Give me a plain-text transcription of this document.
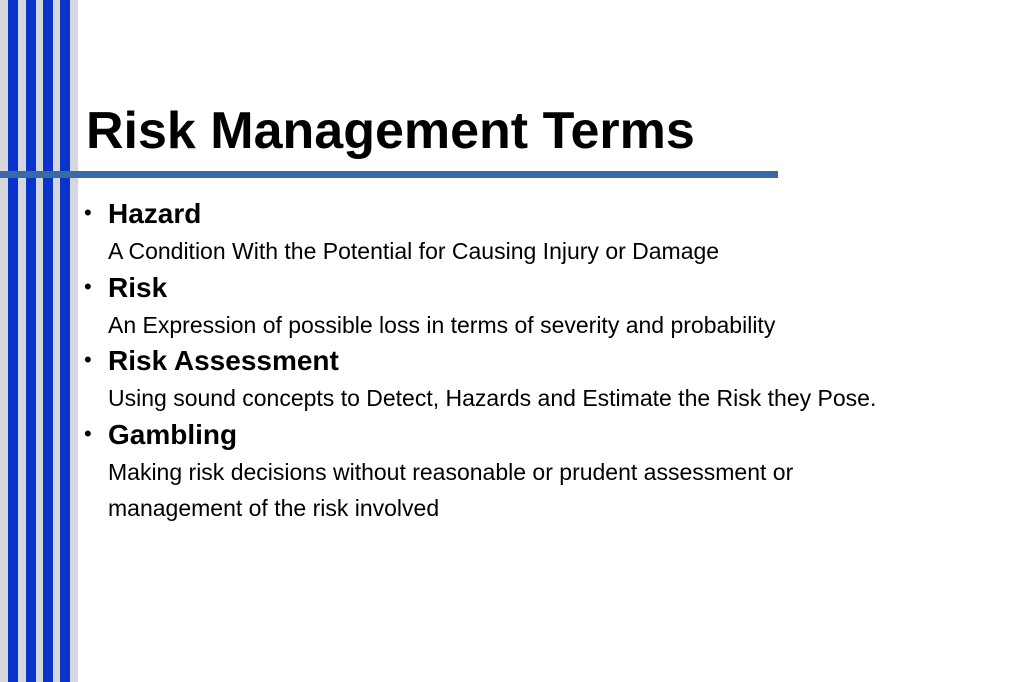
Risk Management Terms
• Hazard
A Condition With the Potential for Causing Injury or Damage
• Risk
An Expression of possible loss in terms of severity and probability
• Risk Assessment
Using sound concepts to Detect, Hazards and Estimate the Risk they Pose.
• Gambling
Making risk decisions without reasonable or prudent assessment or management of the risk involved
